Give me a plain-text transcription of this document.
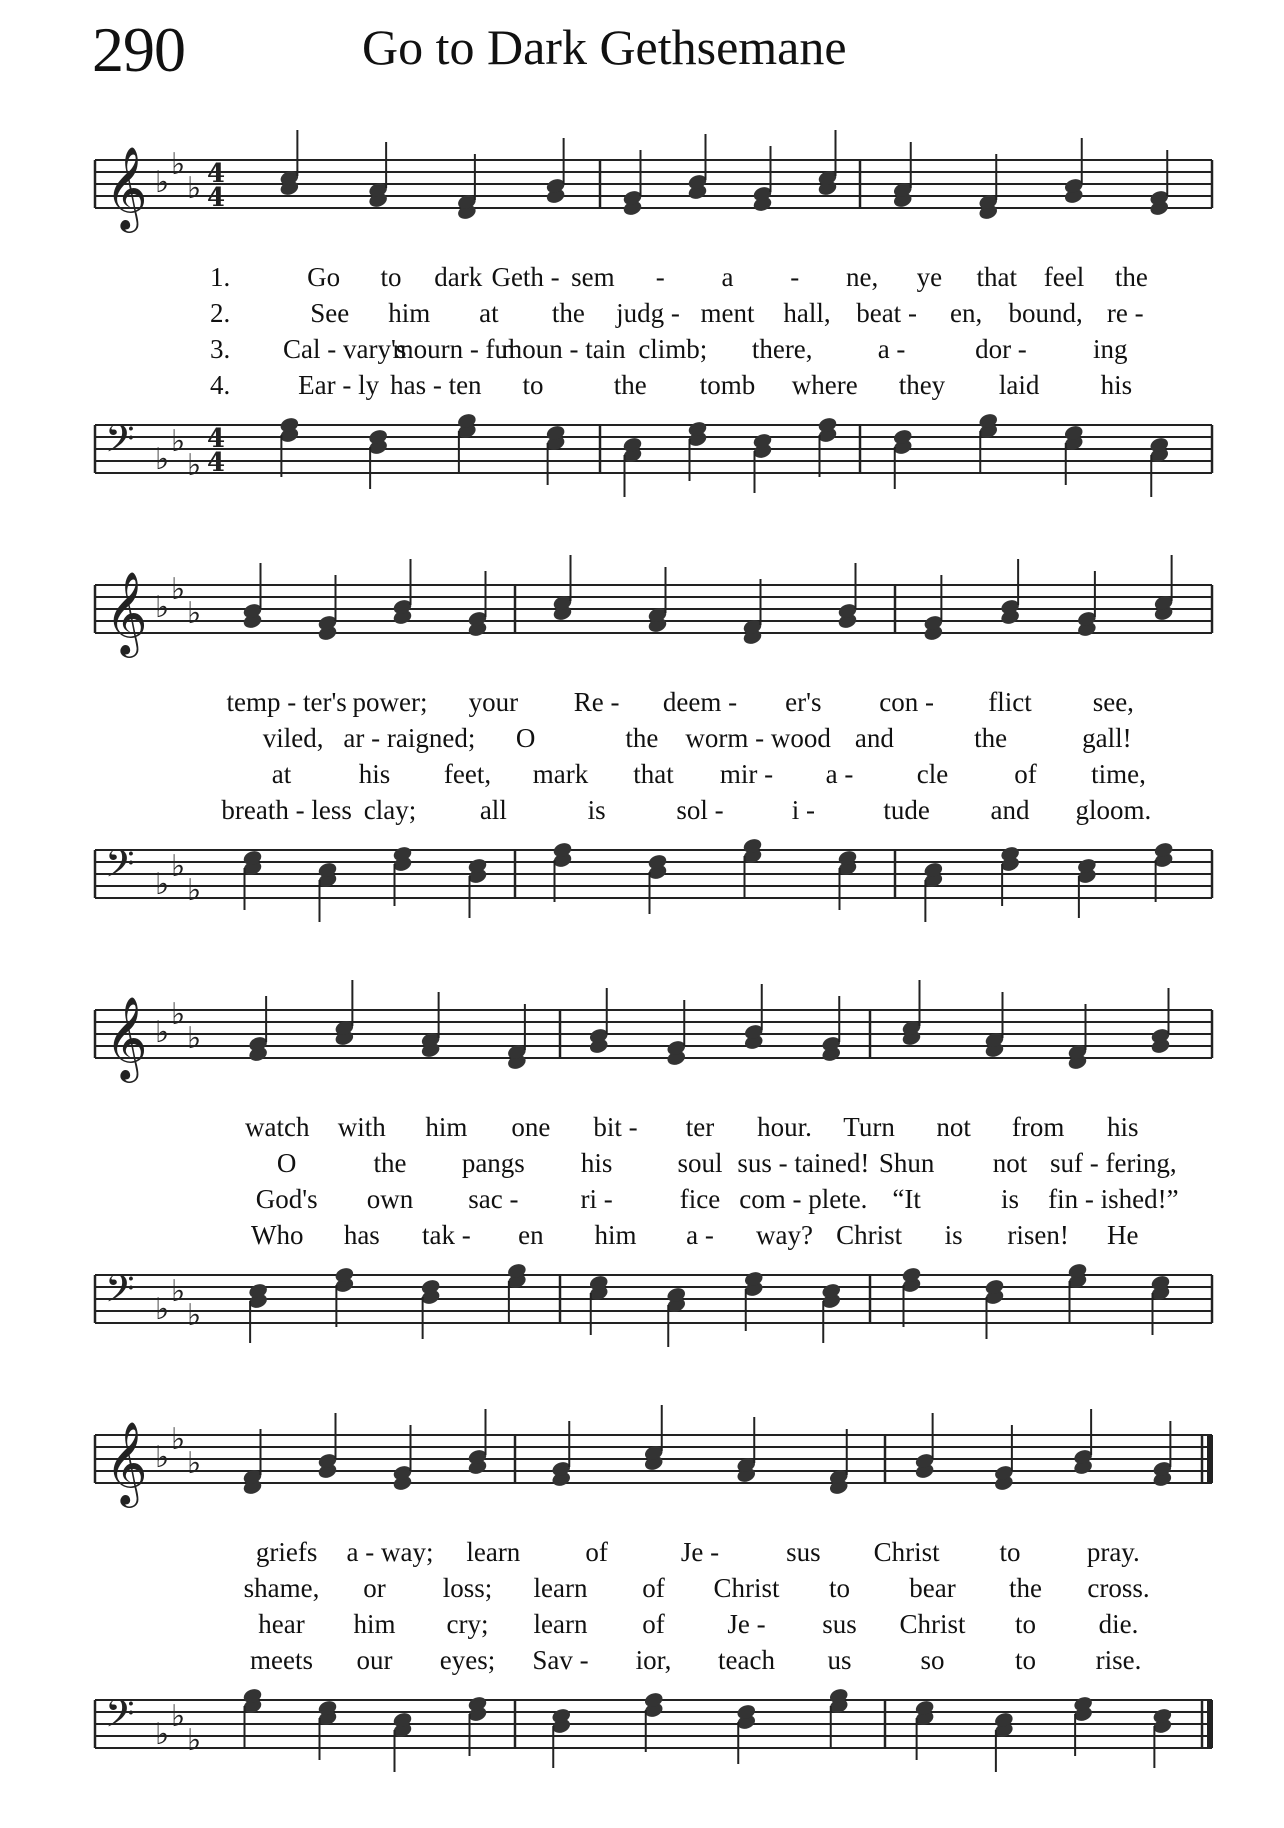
290	Go to Dark Gethsemane
𝄞 ♭
♭
♭ 4
4
𝄢 ♭
♭
♭
4
4
1.	Go to dark Geth - sem - a - ne, ye that feel the
2.	See him at the judg - ment hall, beat - en, bound, re -
3. Cal - vary's
mourn - ful
moun - tain climb; there, a -	dor - ing
4.	Ear - ly has - ten to	the tomb where they laid his
𝄞 ♭
♭
♭
𝄢 ♭
♭
♭
temp - ter's power; your Re - deem - er's con - flict see,
viled, ar - raigned; O	the worm - wood and	the	gall!
at his feet, mark that mir - a - cle of time,
breath - less clay; all	is	sol -	i -	tude and gloom.
𝄞 ♭
♭
♭
𝄢 ♭
♭
♭
watch with him one bit - ter hour. Turn not from his
O	the pangs his soul sus - tained! Shun not suf - fering,
God's own sac - ri - fice com - plete. “It	is fin - ished!”
Who has tak - en him a - way? Christ is risen! He
𝄞 ♭
♭
♭
𝄢 ♭
♭
♭
griefs a - way; learn of	Je - sus Christ to pray.
shame, or loss; learn of Christ to bear the cross.
hear him cry; learn of Je - sus Christ to die.
meets our eyes; Sav - ior, teach us	so	to rise.
